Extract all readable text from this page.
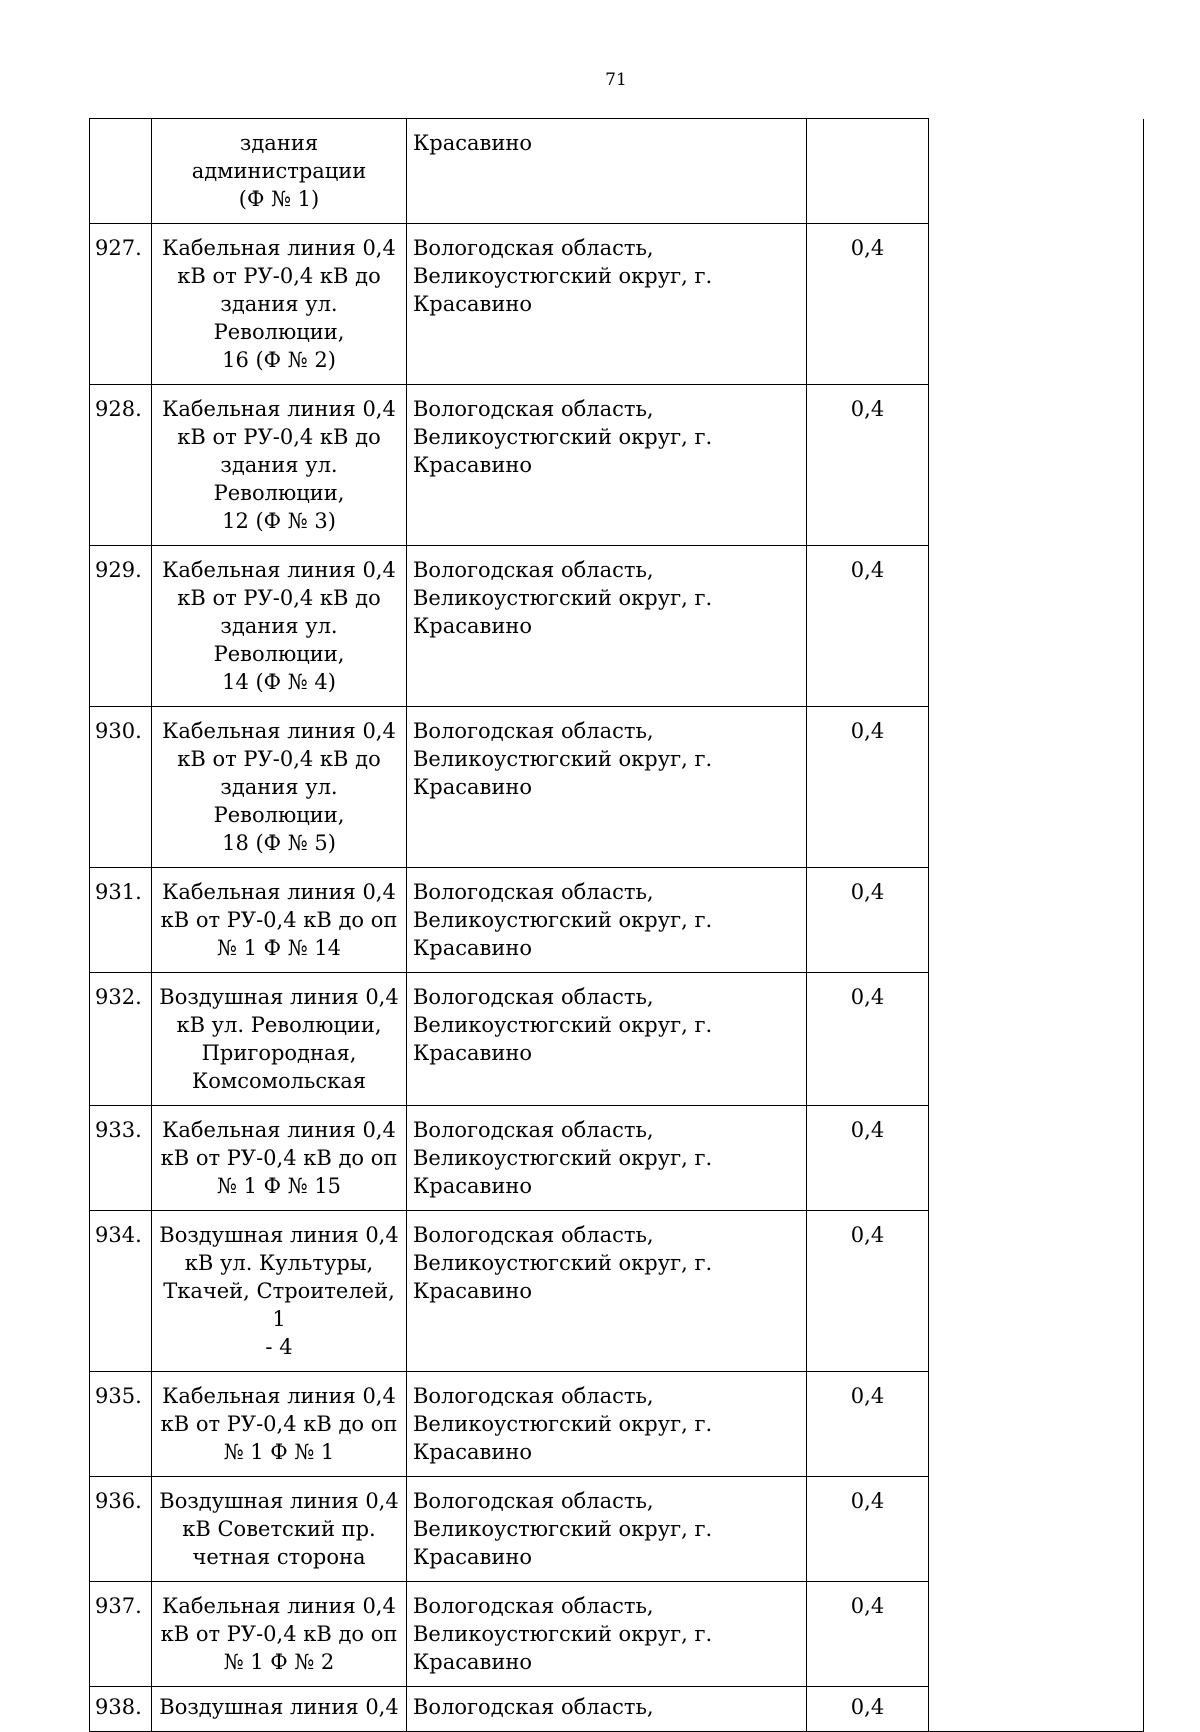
71

	здания администрации
(Ф № 1)	Красавино		

927.	Кабельная линия 0,4
кВ от РУ-0,4 кВ до
здания ул. Революции,
16 (Ф № 2)	Вологодская область,
Великоустюгский округ, г.
Красавино	0,4	
928.	Кабельная линия 0,4
кВ от РУ-0,4 кВ до
здания ул. Революции,
12 (Ф № 3)	Вологодская область,
Великоустюгский округ, г.
Красавино	0,4	
929.	Кабельная линия 0,4
кВ от РУ-0,4 кВ до
здания ул. Революции,
14 (Ф № 4)	Вологодская область,
Великоустюгский округ, г.
Красавино	0,4	
930.	Кабельная линия 0,4
кВ от РУ-0,4 кВ до
здания ул. Революции,
18 (Ф № 5)	Вологодская область,
Великоустюгский округ, г.
Красавино	0,4	
931.	Кабельная линия 0,4
кВ от РУ-0,4 кВ до оп
№ 1 Ф № 14	Вологодская область,
Великоустюгский округ, г.
Красавино	0,4	
932.	Воздушная линия 0,4
кВ ул. Революции,
Пригородная,
Комсомольская	Вологодская область,
Великоустюгский округ, г.
Красавино	0,4	
933.	Кабельная линия 0,4
кВ от РУ-0,4 кВ до оп
№ 1 Ф № 15	Вологодская область,
Великоустюгский округ, г.
Красавино	0,4	
934.	Воздушная линия 0,4
кВ ул. Культуры,
Ткачей, Строителей, 1
- 4	Вологодская область,
Великоустюгский округ, г.
Красавино	0,4	
935.	Кабельная линия 0,4
кВ от РУ-0,4 кВ до оп
№ 1 Ф № 1	Вологодская область,
Великоустюгский округ, г.
Красавино	0,4	
936.	Воздушная линия 0,4
кВ Советский пр.
четная сторона	Вологодская область,
Великоустюгский округ, г.
Красавино	0,4	
937.	Кабельная линия 0,4
кВ от РУ-0,4 кВ до оп
№ 1 Ф № 2	Вологодская область,
Великоустюгский округ, г.
Красавино	0,4	
938.	Воздушная линия 0,4	Вологодская область,	0,4	
